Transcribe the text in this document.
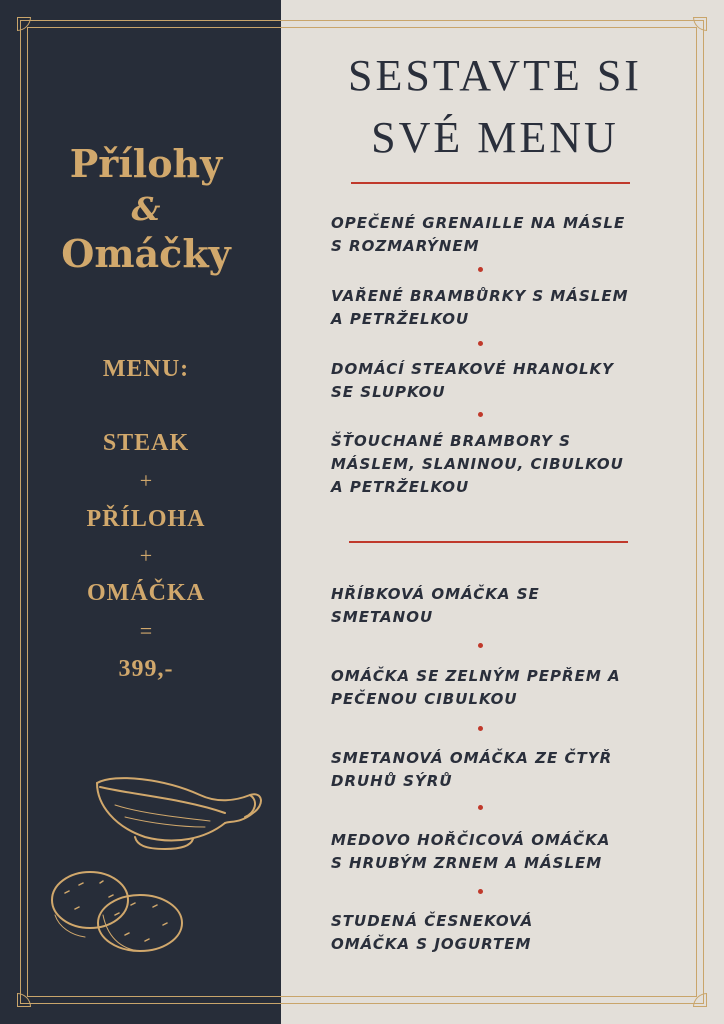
Přílohy
&
Omáčky
MENU:
STEAK
+
PŘÍLOHA
+
OMÁČKA
=
399,-
SESTAVTE SI
SVÉ MENU
OPEČENÉ GRENAILLE NA MÁSLE
S ROZMARÝNEM
VAŘENÉ BRAMBŮRKY S MÁSLEM
A PETRŽELKOU
DOMÁCÍ STEAKOVÉ HRANOLKY
SE SLUPKOU
ŠŤOUCHANÉ BRAMBORY S
MÁSLEM, SLANINOU, CIBULKOU
A PETRŽELKOU
HŘÍBKOVÁ OMÁČKA SE
SMETANOU
OMÁČKA SE ZELNÝM PEPŘEM A
PEČENOU CIBULKOU
SMETANOVÁ OMÁČKA ZE ČTYŘ
DRUHŮ SÝRŮ
MEDOVO HOŘČICOVÁ OMÁČKA
S HRUBÝM ZRNEM A MÁSLEM
STUDENÁ ČESNEKOVÁ
OMÁČKA S JOGURTEM
